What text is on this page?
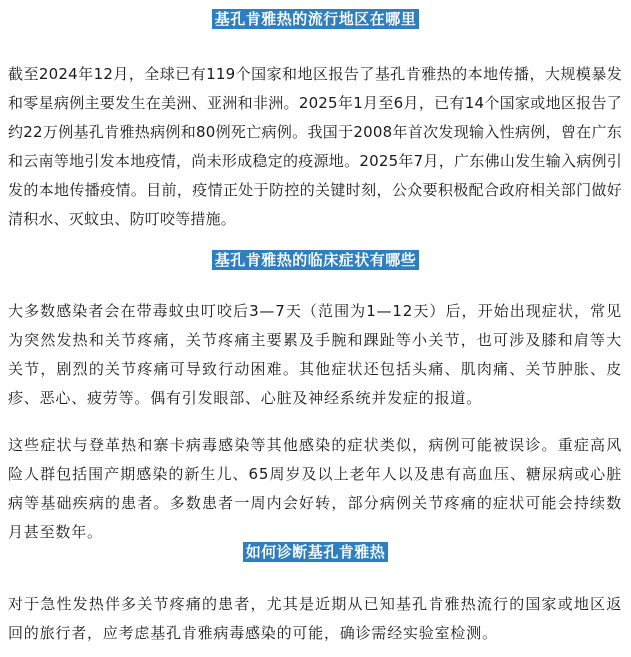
基孔肯雅热的流行地区在哪里

截至2024年12月，全球已有119个国家和地区报告了基孔肯雅热的本地传播，大规模暴发和零星病例主要发生在美洲、亚洲和非洲。2025年1月至6月，已有14个国家或地区报告了约22万例基孔肯雅热病例和80例死亡病例。我国于2008年首次发现输入性病例，曾在广东和云南等地引发本地疫情，尚未形成稳定的疫源地。2025年7月，广东佛山发生输入病例引发的本地传播疫情。目前，疫情正处于防控的关键时刻，公众要积极配合政府相关部门做好清积水、灭蚊虫、防叮咬等措施。

基孔肯雅热的临床症状有哪些

大多数感染者会在带毒蚊虫叮咬后3—7天（范围为1—12天）后，开始出现症状，常见为突然发热和关节疼痛，关节疼痛主要累及手腕和踝趾等小关节，也可涉及膝和肩等大关节，剧烈的关节疼痛可导致行动困难。其他症状还包括头痛、肌肉痛、关节肿胀、皮疹、恶心、疲劳等。偶有引发眼部、心脏及神经系统并发症的报道。

这些症状与登革热和寨卡病毒感染等其他感染的症状类似，病例可能被误诊。重症高风险人群包括围产期感染的新生儿、65周岁及以上老年人以及患有高血压、糖尿病或心脏病等基础疾病的患者。多数患者一周内会好转，部分病例关节疼痛的症状可能会持续数月甚至数年。

如何诊断基孔肯雅热

对于急性发热伴多关节疼痛的患者，尤其是近期从已知基孔肯雅热流行的国家或地区返回的旅行者，应考虑基孔肯雅病毒感染的可能，确诊需经实验室检测。
